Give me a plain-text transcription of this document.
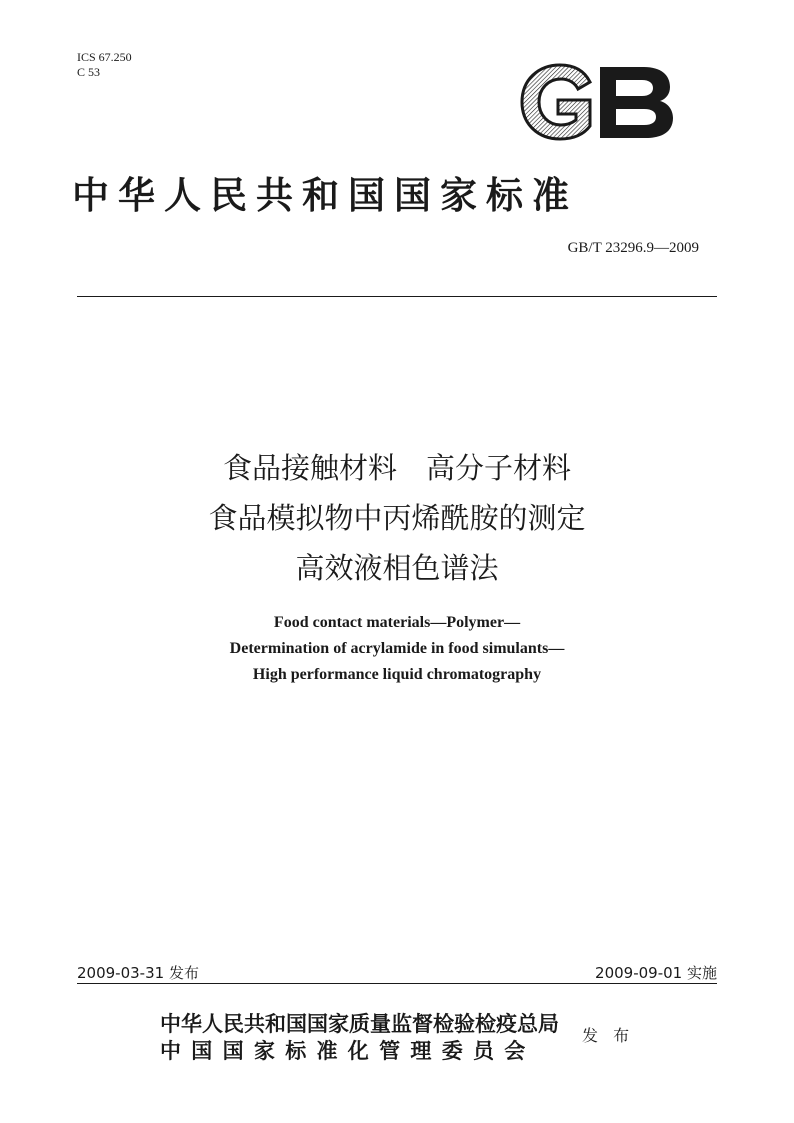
ICS 67.250
C 53
中华人民共和国国家标准
GB/T 23296.9—2009
食品接触材料　高分子材料
食品模拟物中丙烯酰胺的测定
高效液相色谱法
Food contact materials—Polymer—
Determination of acrylamide in food simulants—
High performance liquid chromatography
2009-03-31 发布	2009-09-01 实施
中华人民共和国国家质量监督检验检疫总局
中国国家标准化管理委员会
发 布
